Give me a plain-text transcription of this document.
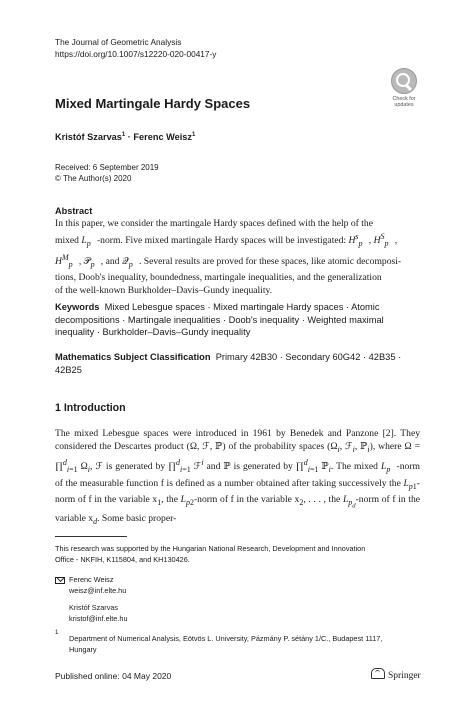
The Journal of Geometric Analysis
https://doi.org/10.1007/s12220-020-00417-y
Check for
updates
Mixed Martingale Hardy Spaces
Kristóf Szarvas$^1$ · Ferenc Weisz$^1$
Received: 6 September 2019
© The Author(s) 2020
Abstract
In this paper, we consider the martingale Hardy spaces defined with the help of the
mixed $L_{p⃗}$-norm. Five mixed martingale Hardy spaces will be investigated: $H^s_{p⃗}$, $H^S_{p⃗}$,
$H^M_{p⃗}$, 𝒫$_{p⃗}$, and 𝒬$_{p⃗}$. Several results are proved for these spaces, like atomic decomposi-
tions, Doob's inequality, boundedness, martingale inequalities, and the generalization
of the well-known Burkholder–Davis–Gundy inequality.
Keywords Mixed Lebesgue spaces · Mixed martingale Hardy spaces · Atomic decompositions · Martingale inequalities · Doob's inequality · Weighted maximal inequality · Burkholder–Davis–Gundy inequality
Mathematics Subject Classification Primary 42B30 · Secondary 60G42 · 42B35 · 42B25
1 Introduction
The mixed Lebesgue spaces were introduced in 1961 by Benedek and Panzone [2]. They considered the Descartes product (Ω, ℱ, ℙ) of the probability spaces ($\Omega_i$, ℱ$_i$, ℙ$_i$), where Ω = ∏$^d_{i=1}$ $\Omega_i$, ℱ is generated by ∏$^d_{i=1}$ ℱ$^i$ and ℙ is generated by ∏$^d_{i=1}$ ℙ$_i$. The mixed $L_{p⃗}$-norm of the measurable function f is defined as a number obtained after taking successively the $L_{p1}$-norm of f in the variable $x_1$, the $L_{p2}$-norm of f in the variable $x_2$, . . . , the $L_{p_d}$-norm of f in the variable $x_d$. Some basic proper-
This research was supported by the Hungarian National Research, Development and Innovation
Office - NKFIH, K115804, and KH130426.
Ferenc Weisz
weisz@inf.elte.hu
Kristóf Szarvas
kristof@inf.elte.hu
1
Department of Numerical Analysis, Eötvös L. University, Pázmány P. sétány 1/C., Budapest 1117,
Hungary
Published online: 04 May 2020	Springer
